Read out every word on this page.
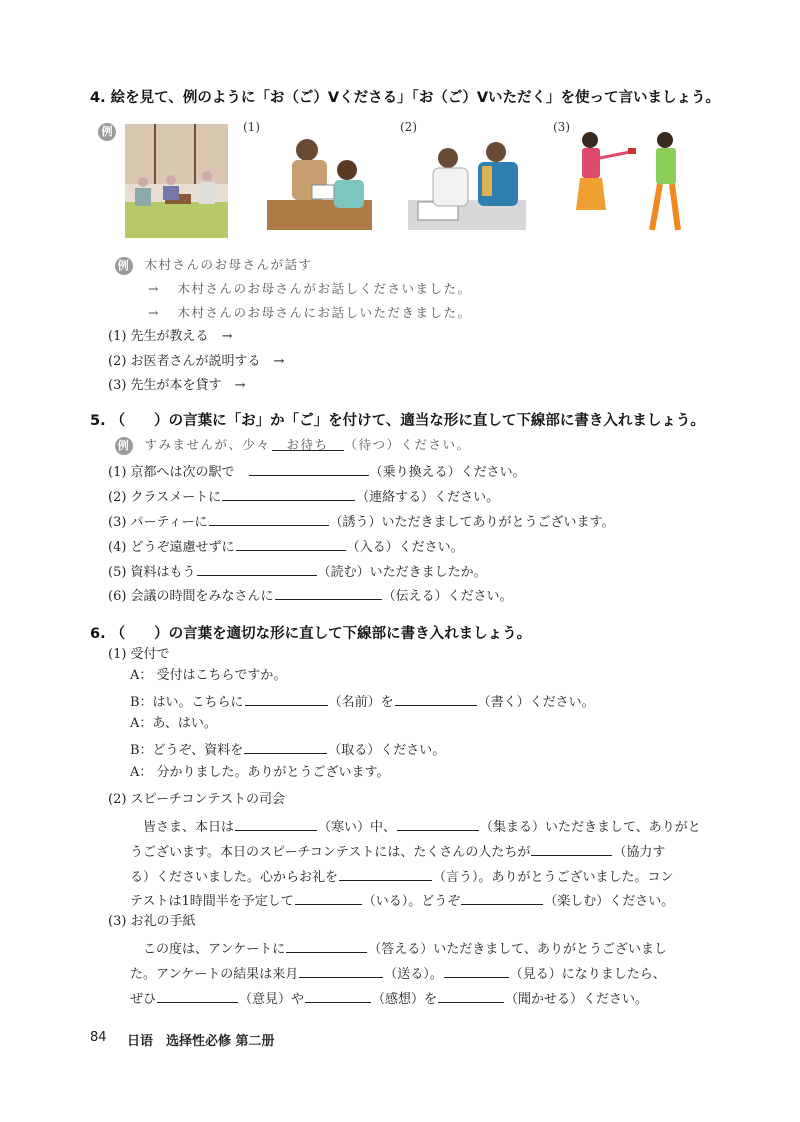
4. 絵を見て、例のように「お（ご）Vくださる」「お（ご）Vいただく」を使って言いましょう。
例	(1)	(2)	(3)
例 木村さんのお母さんが話す
→ 木村さんのお母さんがお話しくださいました。
→ 木村さんのお母さんにお話しいただきました。
(1) 先生が教える　→
(2) お医者さんが説明する　→
(3) 先生が本を貸す　→
5. （　　）の言葉に「お」か「ご」を付けて、適当な形に直して下線部に書き入れましょう。
例 すみませんが、少々 お待ち （待つ）ください。
(1) 京都へは次の駅で　	（乗り換える）ください。
(2) クラスメートに	（連絡する）ください。
(3) パーティーに	（誘う）いただきましてありがとうございます。
(4) どうぞ遠慮せずに	（入る）ください。
(5) 資料はもう	（読む）いただきましたか。
(6) 会議の時間をみなさんに	（伝える）ください。
6. （　　）の言葉を適切な形に直して下線部に書き入れましょう。
(1) 受付で
A： 受付はこちらですか。
B：はい。こちらに	（名前）を	（書く）ください。
A：あ、はい。
B：どうぞ、資料を	（取る）ください。
A： 分かりました。ありがとうございます。
(2) スピーチコンテストの司会
　皆さま、本日は	（寒い）中、	（集まる）いただきまして、ありがと
うございます。本日のスピーチコンテストには、たくさんの人たちが	（協力す
る）くださいました。心からお礼を	（言う）。ありがとうございました。コン
テストは1時間半を予定して	（いる）。どうぞ	（楽しむ）ください。
(3) お礼の手紙
　この度は、アンケートに	（答える）いただきまして、ありがとうございまし
た。アンケートの結果は来月	（送る）。	（見る）になりましたら、
ぜひ	（意見）や	（感想）を	（聞かせる）ください。
84 日语　选择性必修 第二册
